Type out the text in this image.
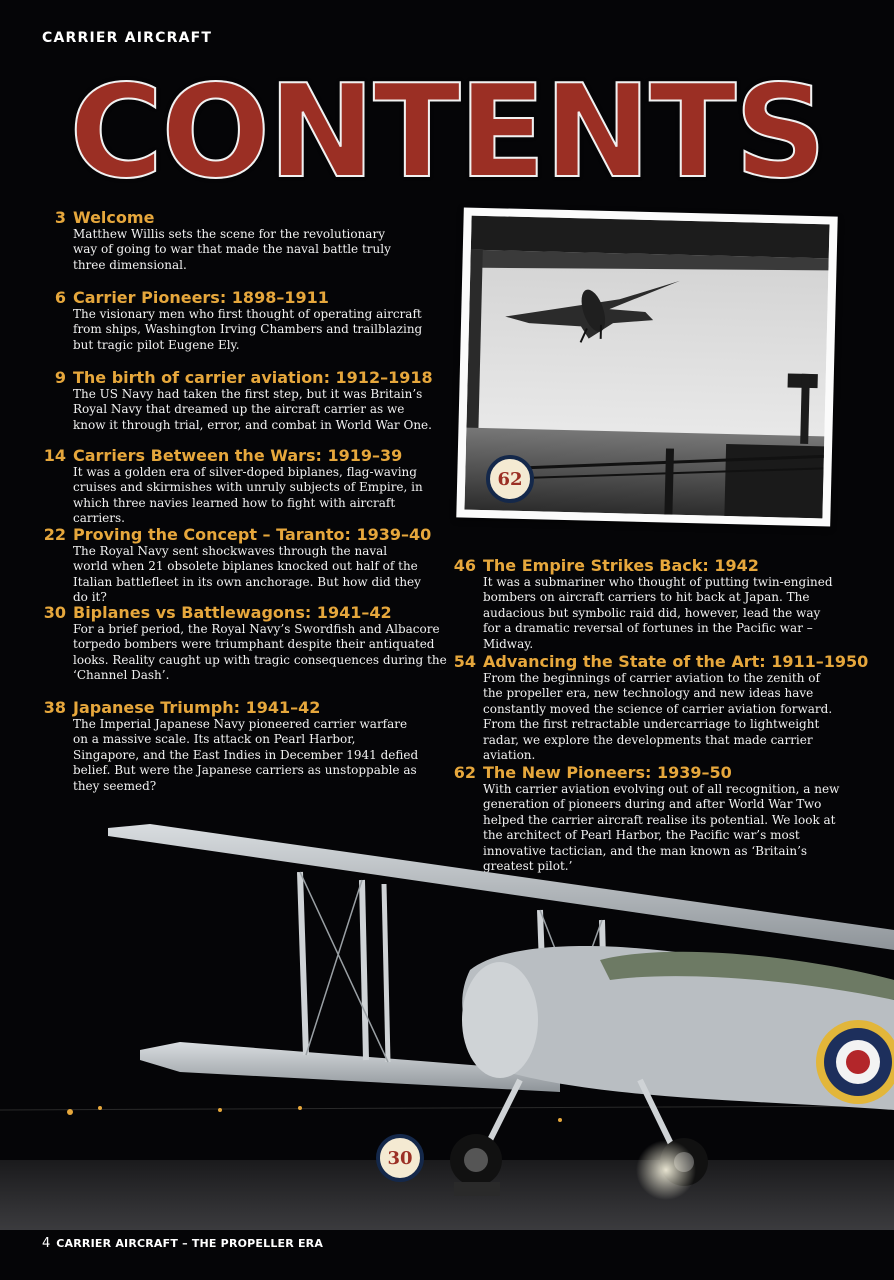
CARRIER AIRCRAFT
CONTENTS
3 Welcome
Matthew Willis sets the scene for the revolutionary way of going to war that made the naval battle truly three dimensional.
6 Carrier Pioneers: 1898–1911
The visionary men who first thought of operating aircraft from ships, Washington Irving Chambers and trailblazing but tragic pilot Eugene Ely.
9 The birth of carrier aviation: 1912–1918
The US Navy had taken the first step, but it was Britain’s Royal Navy that dreamed up the aircraft carrier as we know it through trial, error, and combat in World War One.
14 Carriers Between the Wars: 1919–39
It was a golden era of silver-doped biplanes, flag-waving cruises and skirmishes with unruly subjects of Empire, in which three navies learned how to fight with aircraft carriers.
22 Proving the Concept – Taranto: 1939–40
The Royal Navy sent shockwaves through the naval world when 21 obsolete biplanes knocked out half of the Italian battlefleet in its own anchorage. But how did they do it?
30 Biplanes vs Battlewagons: 1941–42
For a brief period, the Royal Navy’s Swordfish and Albacore torpedo bombers were triumphant despite their antiquated looks. Reality caught up with tragic consequences during the ‘Channel Dash’.
38 Japanese Triumph: 1941–42
The Imperial Japanese Navy pioneered carrier warfare on a massive scale. Its attack on Pearl Harbor, Singapore, and the East Indies in December 1941 defied belief. But were the Japanese carriers as unstoppable as they seemed?
62
46 The Empire Strikes Back: 1942
It was a submariner who thought of putting twin-engined bombers on aircraft carriers to hit back at Japan. The audacious but symbolic raid did, however, lead the way for a dramatic reversal of fortunes in the Pacific war – Midway.
54 Advancing the State of the Art: 1911–1950
From the beginnings of carrier aviation to the zenith of the propeller era, new technology and new ideas have constantly moved the science of carrier aviation forward. From the first retractable undercarriage to lightweight radar, we explore the developments that made carrier aviation.
62 The New Pioneers: 1939–50
With carrier aviation evolving out of all recognition, a new generation of pioneers during and after World War Two helped the carrier aircraft realise its potential. We look at the architect of Pearl Harbor, the Pacific war’s most innovative tactician, and the man known as ‘Britain’s greatest pilot.’
30
4 CARRIER AIRCRAFT – THE PROPELLER ERA
